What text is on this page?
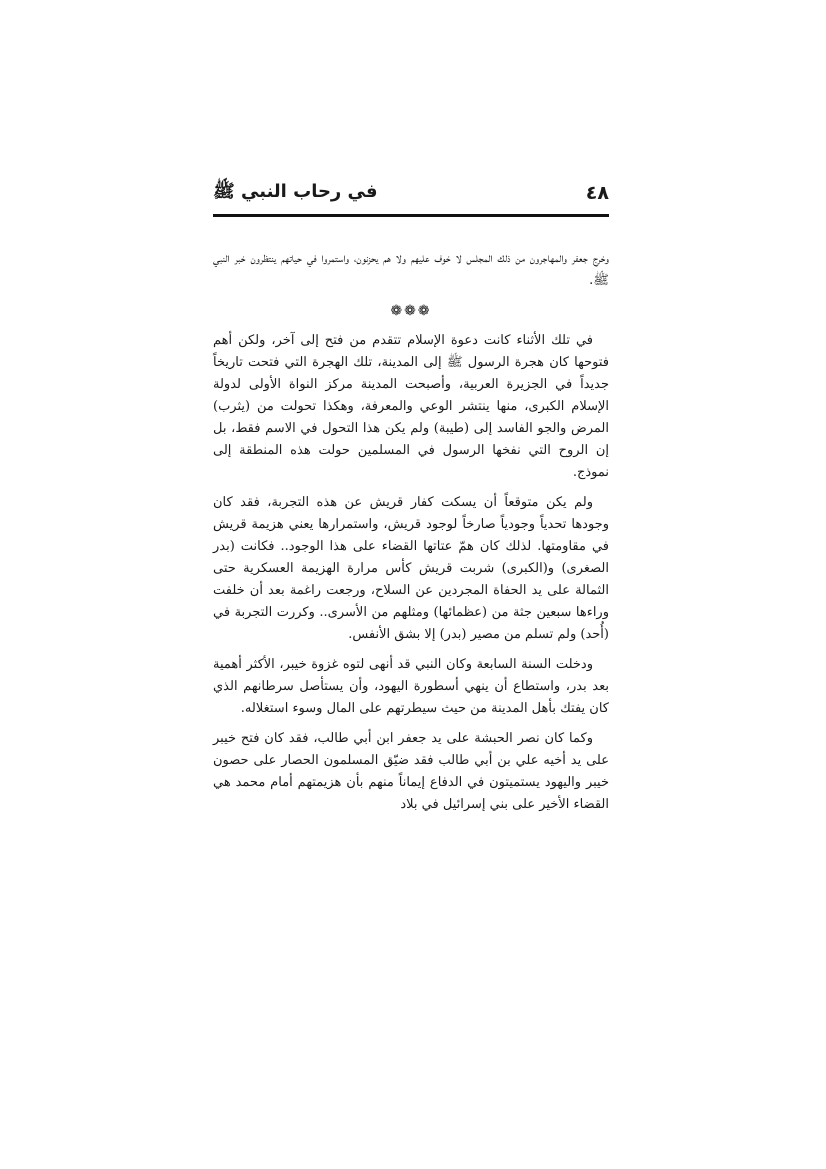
٤٨
في رحاب النبي ﷺ

وخرج جعفر والمهاجرون من ذلك المجلس لا خوف عليهم ولا هم يحزنون، واستمروا في حياتهم ينتظرون خبر النبي ﷺ.

❁❁❁

في تلك الأثناء كانت دعوة الإسلام تتقدم من فتح إلى آخر، ولكن أهم فتوحها كان هجرة الرسول ﷺ إلى المدينة، تلك الهجرة التي فتحت تاريخاً جديداً في الجزيرة العربية، وأصبحت المدينة مركز النواة الأولى لدولة الإسلام الكبرى، منها ينتشر الوعي والمعرفة، وهكذا تحولت من (يثرب) المرض والجو الفاسد إلى (طيبة) ولم يكن هذا التحول في الاسم فقط، بل إن الروح التي نفخها الرسول في المسلمين حولت هذه المنطقة إلى نموذج.

ولم يكن متوقعاً أن يسكت كفار قريش عن هذه التجربة، فقد كان وجودها تحدياً وجودياً صارخاً لوجود قريش، واستمرارها يعني هزيمة قريش في مقاومتها. لذلك كان همّ عتاتها القضاء على هذا الوجود.. فكانت (بدر الصغرى) و(الكبرى) شربت قريش كأس مرارة الهزيمة العسكرية حتى الثمالة على يد الحفاة المجردين عن السلاح، ورجعت راغمة بعد أن خلفت وراءها سبعين جثة من (عظمائها) ومثلهم من الأسرى.. وكررت التجربة في (أُحد) ولم تسلم من مصير (بدر) إلا بشق الأنفس.

ودخلت السنة السابعة وكان النبي قد أنهى لتوه غزوة خيبر، الأكثر أهمية بعد بدر، واستطاع أن ينهي أسطورة اليهود، وأن يستأصل سرطانهم الذي كان يفتك بأهل المدينة من حيث سيطرتهم على المال وسوء استغلاله.

وكما كان نصر الحبشة على يد جعفر ابن أبي طالب، فقد كان فتح خيبر على يد أخيه علي بن أبي طالب فقد ضيّق المسلمون الحصار على حصون خيبر واليهود يستميتون في الدفاع إيماناً منهم بأن هزيمتهم أمام محمد هي القضاء الأخير على بني إسرائيل في بلاد
